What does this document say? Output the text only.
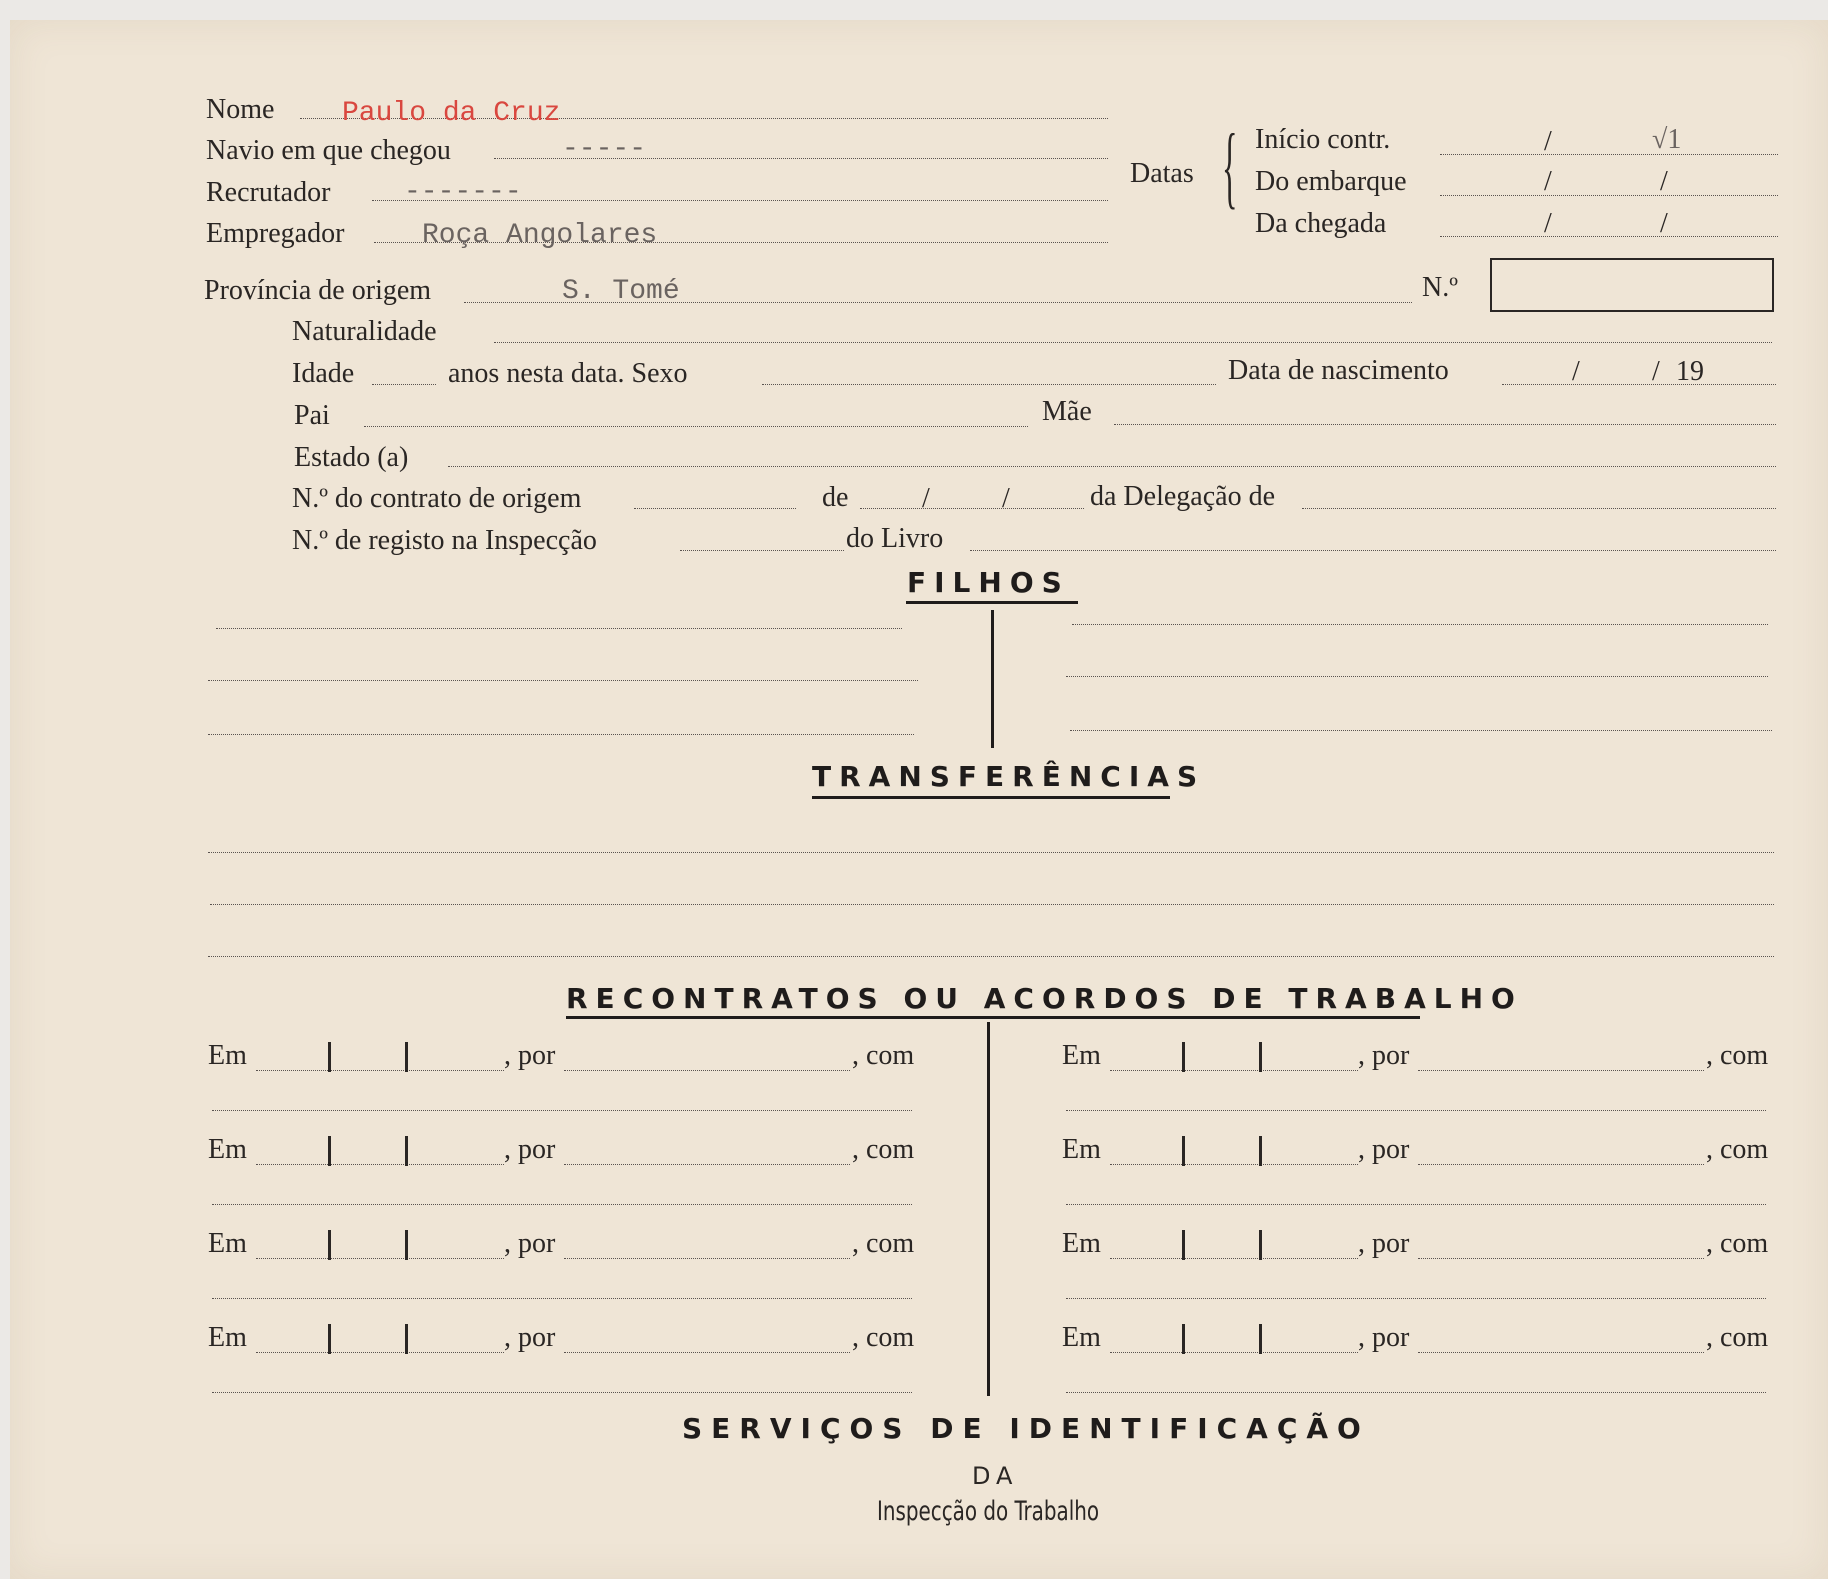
Nome Paulo da Cruz
Navio em que chegou	-----
Recrutador	-------
Empregador	Roça Angolares
Datas { Início contr.	/	√1
Do embarque	/	/
Da chegada	/	/
Província de origem	S. Tomé	N.º
Naturalidade
Idade	anos nesta data. Sexo	Data de nascimento	/	/ 19
Pai	Mãe
Estado (a)
N.º do contrato de origem	de	/	/	da Delegação de
N.º de registo na Inspecção	do Livro
FILHOS
TRANSFERÊNCIAS
RECONTRATOS OU ACORDOS DE TRABALHO
Em	, por	, com	Em	, por	, com
Em	, por	, com	Em	, por	, com
Em	, por	, com	Em	, por	, com
Em	, por	, com	Em	, por	, com
SERVIÇOS DE IDENTIFICAÇÃO
DA
Inspecção do Trabalho
